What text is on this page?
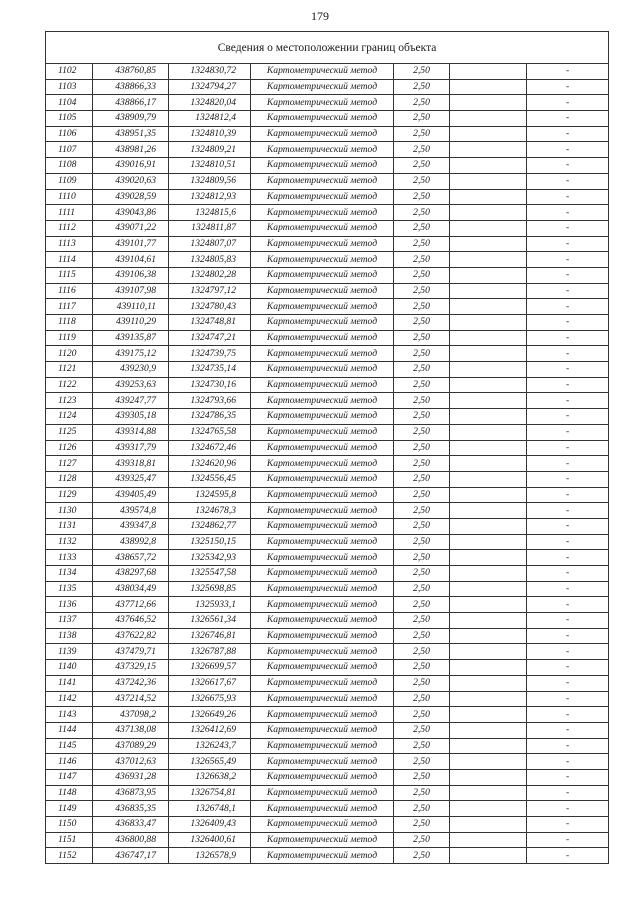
179
Сведения о местоположении границ объекта						
1102	438760,85	1324830,72	Картометрический метод	2,50		-
1103	438866,33	1324794,27	Картометрический метод	2,50		-
1104	438866,17	1324820,04	Картометрический метод	2,50		-
1105	438909,79	1324812,4	Картометрический метод	2,50		-
1106	438951,35	1324810,39	Картометрический метод	2,50		-
1107	438981,26	1324809,21	Картометрический метод	2,50		-
1108	439016,91	1324810,51	Картометрический метод	2,50		-
1109	439020,63	1324809,56	Картометрический метод	2,50		-
1110	439028,59	1324812,93	Картометрический метод	2,50		-
1111	439043,86	1324815,6	Картометрический метод	2,50		-
1112	439071,22	1324811,87	Картометрический метод	2,50		-
1113	439101,77	1324807,07	Картометрический метод	2,50		-
1114	439104,61	1324805,83	Картометрический метод	2,50		-
1115	439106,38	1324802,28	Картометрический метод	2,50		-
1116	439107,98	1324797,12	Картометрический метод	2,50		-
1117	439110,11	1324780,43	Картометрический метод	2,50		-
1118	439110,29	1324748,81	Картометрический метод	2,50		-
1119	439135,87	1324747,21	Картометрический метод	2,50		-
1120	439175,12	1324739,75	Картометрический метод	2,50		-
1121	439230,9	1324735,14	Картометрический метод	2,50		-
1122	439253,63	1324730,16	Картометрический метод	2,50		-
1123	439247,77	1324793,66	Картометрический метод	2,50		-
1124	439305,18	1324786,35	Картометрический метод	2,50		-
1125	439314,88	1324765,58	Картометрический метод	2,50		-
1126	439317,79	1324672,46	Картометрический метод	2,50		-
1127	439318,81	1324620,96	Картометрический метод	2,50		-
1128	439325,47	1324556,45	Картометрический метод	2,50		-
1129	439405,49	1324595,8	Картометрический метод	2,50		-
1130	439574,8	1324678,3	Картометрический метод	2,50		-
1131	439347,8	1324862,77	Картометрический метод	2,50		-
1132	438992,8	1325150,15	Картометрический метод	2,50		-
1133	438657,72	1325342,93	Картометрический метод	2,50		-
1134	438297,68	1325547,58	Картометрический метод	2,50		-
1135	438034,49	1325698,85	Картометрический метод	2,50		-
1136	437712,66	1325933,1	Картометрический метод	2,50		-
1137	437646,52	1326561,34	Картометрический метод	2,50		-
1138	437622,82	1326746,81	Картометрический метод	2,50		-
1139	437479,71	1326787,88	Картометрический метод	2,50		-
1140	437329,15	1326699,57	Картометрический метод	2,50		-
1141	437242,36	1326617,67	Картометрический метод	2,50		-
1142	437214,52	1326675,93	Картометрический метод	2,50		-
1143	437098,2	1326649,26	Картометрический метод	2,50		-
1144	437138,08	1326412,69	Картометрический метод	2,50		-
1145	437089,29	1326243,7	Картометрический метод	2,50		-
1146	437012,63	1326565,49	Картометрический метод	2,50		-
1147	436931,28	1326638,2	Картометрический метод	2,50		-
1148	436873,95	1326754,81	Картометрический метод	2,50		-
1149	436835,35	1326748,1	Картометрический метод	2,50		-
1150	436833,47	1326409,43	Картометрический метод	2,50		-
1151	436800,88	1326400,61	Картометрический метод	2,50		-
1152	436747,17	1326578,9	Картометрический метод	2,50		-
